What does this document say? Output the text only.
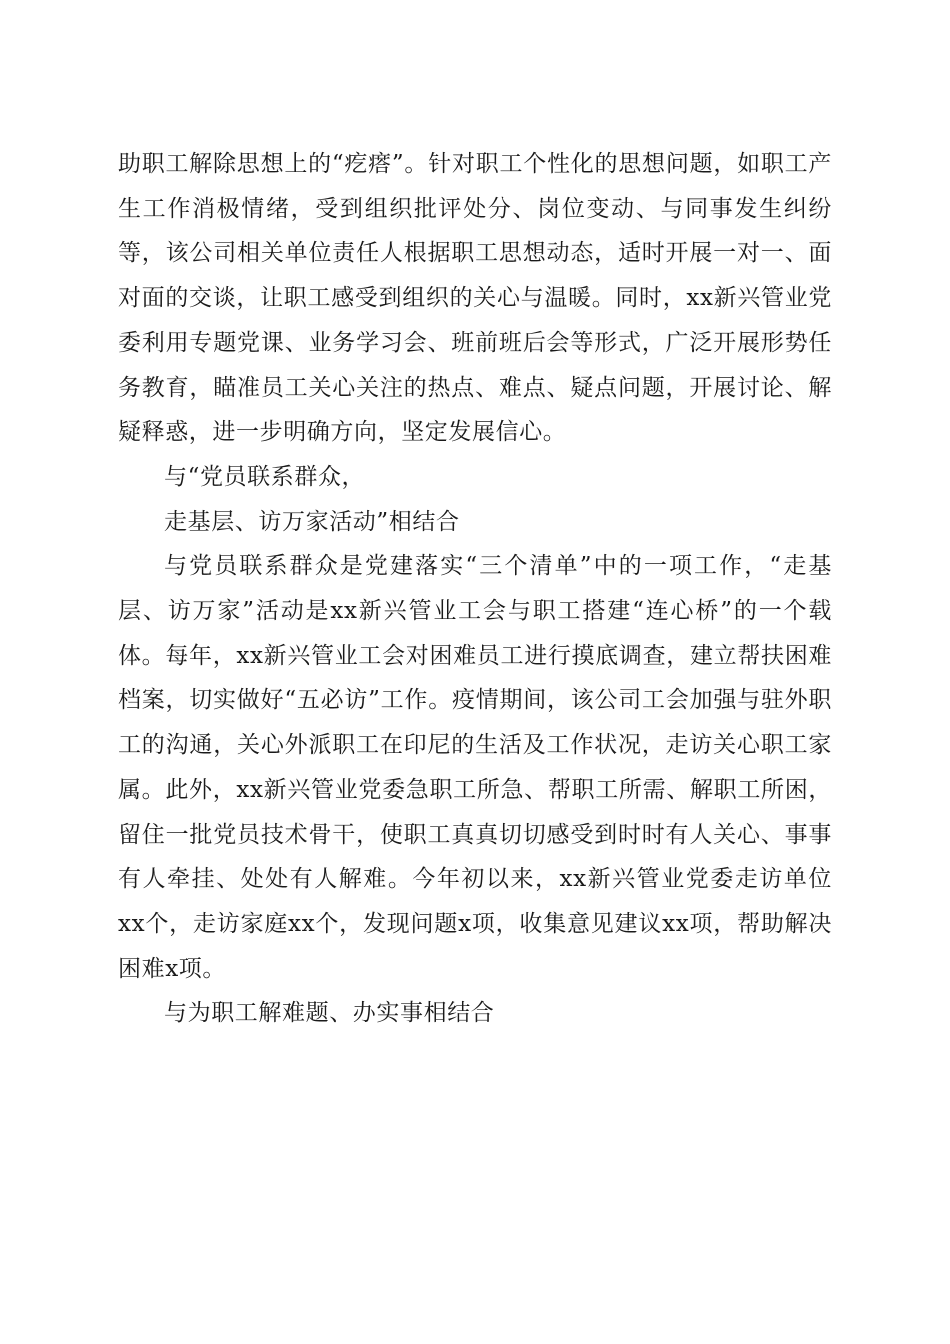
助职工解除思想上的“疙瘩”。针对职工个性化的思想问题，如职工产生工作消极情绪，受到组织批评处分、岗位变动、与同事发生纠纷等，该公司相关单位责任人根据职工思想动态，适时开展一对一、面对面的交谈，让职工感受到组织的关心与温暖。同时，xx新兴管业党委利用专题党课、业务学习会、班前班后会等形式，广泛开展形势任务教育，瞄准员工关心关注的热点、难点、疑点问题，开展讨论、解疑释惑，进一步明确方向，坚定发展信心。

与“党员联系群众，

走基层、访万家活动”相结合

与党员联系群众是党建落实“三个清单”中的一项工作，“走基层、访万家”活动是xx新兴管业工会与职工搭建“连心桥”的一个载体。每年，xx新兴管业工会对困难员工进行摸底调查，建立帮扶困难档案，切实做好“五必访”工作。疫情期间，该公司工会加强与驻外职工的沟通，关心外派职工在印尼的生活及工作状况，走访关心职工家属。此外，xx新兴管业党委急职工所急、帮职工所需、解职工所困，留住一批党员技术骨干，使职工真真切切感受到时时有人关心、事事有人牵挂、处处有人解难。今年初以来，xx新兴管业党委走访单位xx个，走访家庭xx个，发现问题x项，收集意见建议xx项，帮助解决困难x项。

与为职工解难题、办实事相结合
